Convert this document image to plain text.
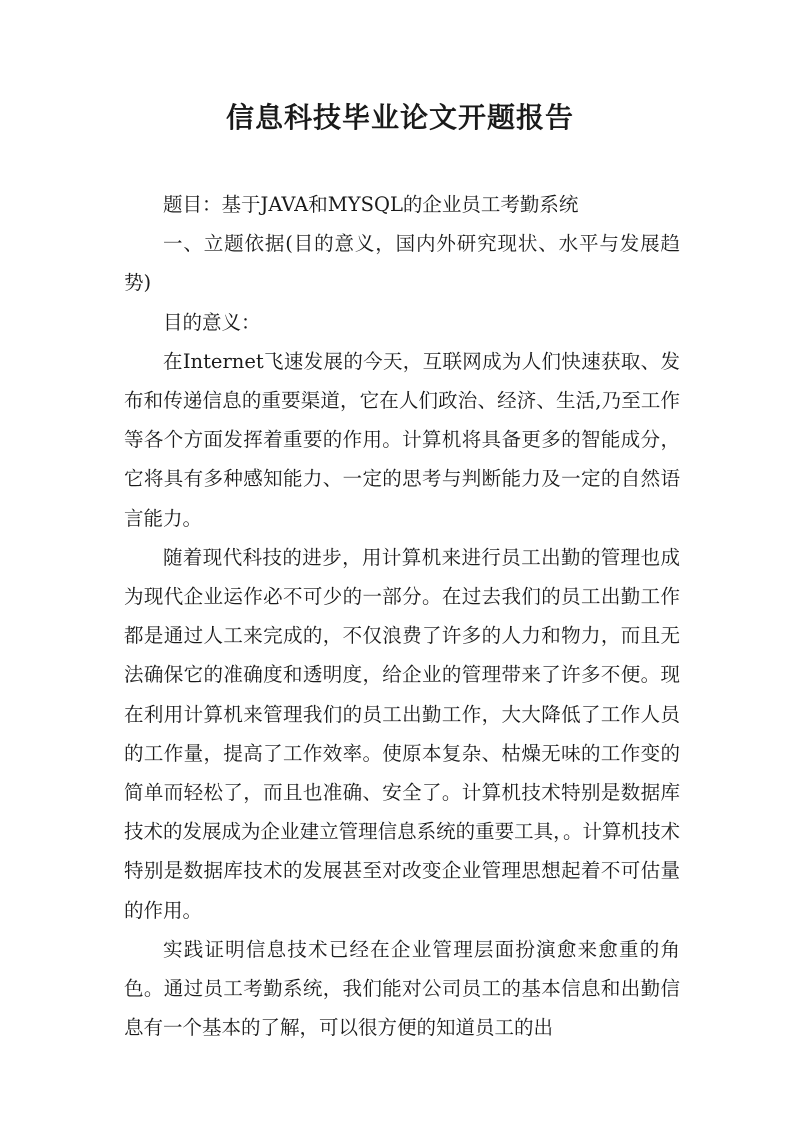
信息科技毕业论文开题报告

题目：基于JAVA和MYSQL的企业员工考勤系统

一、立题依据(目的意义，国内外研究现状、水平与发展趋势)

目的意义：

在Internet飞速发展的今天，互联网成为人们快速获取、发布和传递信息的重要渠道，它在人们政治、经济、生活,乃至工作等各个方面发挥着重要的作用。计算机将具备更多的智能成分，它将具有多种感知能力、一定的思考与判断能力及一定的自然语言能力。

随着现代科技的进步，用计算机来进行员工出勤的管理也成为现代企业运作必不可少的一部分。在过去我们的员工出勤工作都是通过人工来完成的，不仅浪费了许多的人力和物力，而且无法确保它的准确度和透明度，给企业的管理带来了许多不便。现在利用计算机来管理我们的员工出勤工作，大大降低了工作人员的工作量，提高了工作效率。使原本复杂、枯燥无味的工作变的简单而轻松了，而且也准确、安全了。计算机技术特别是数据库技术的发展成为企业建立管理信息系统的重要工具，。计算机技术特别是数据库技术的发展甚至对改变企业管理思想起着不可估量的作用。

实践证明信息技术已经在企业管理层面扮演愈来愈重的角色。通过员工考勤系统，我们能对公司员工的基本信息和出勤信息有一个基本的了解，可以很方便的知道员工的出
